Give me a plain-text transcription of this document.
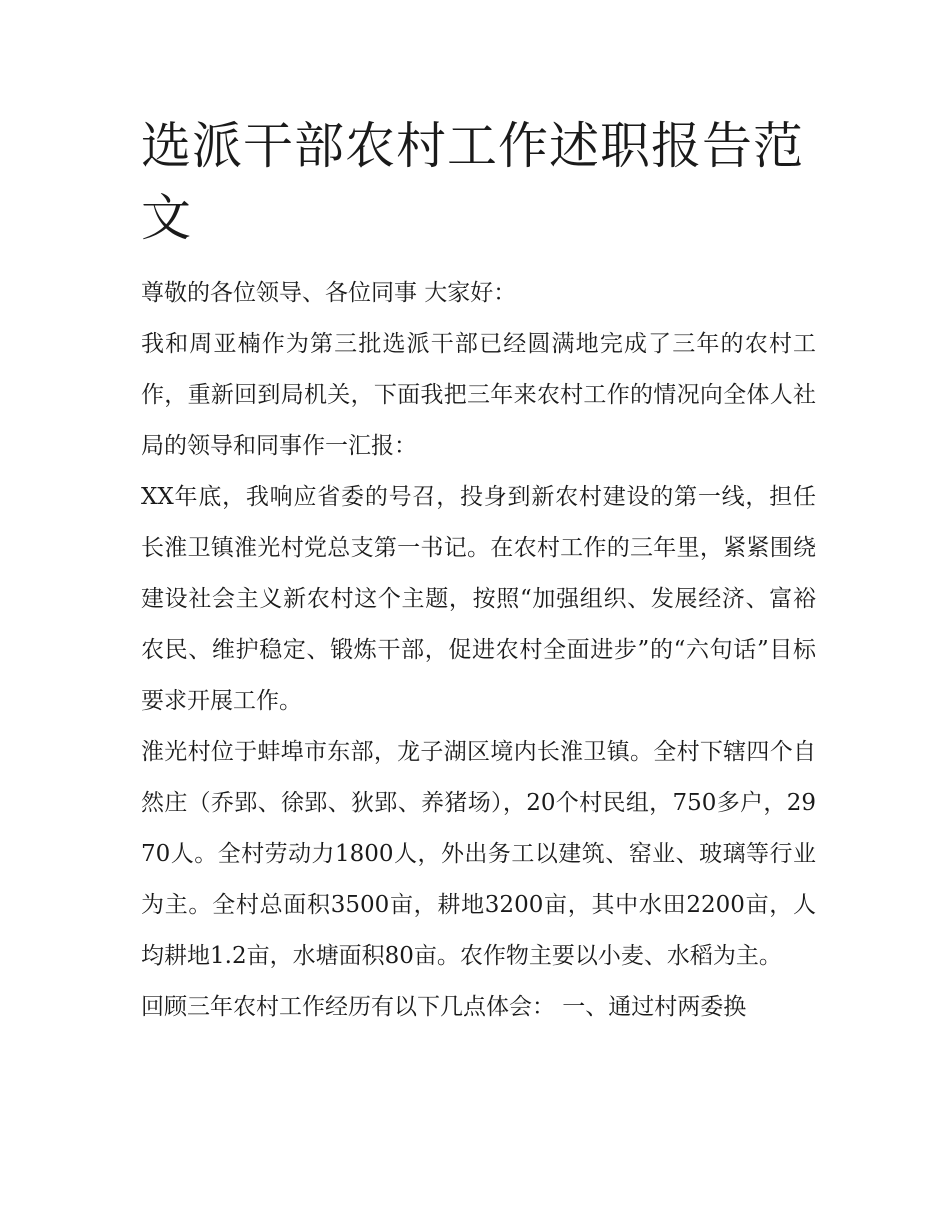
选派干部农村工作述职报告范文

尊敬的各位领导、各位同事 大家好：

我和周亚楠作为第三批选派干部已经圆满地完成了三年的农村工作，重新回到局机关，下面我把三年来农村工作的情况向全体人社局的领导和同事作一汇报：

XX年底，我响应省委的号召，投身到新农村建设的第一线，担任长淮卫镇淮光村党总支第一书记。在农村工作的三年里，紧紧围绕建设社会主义新农村这个主题，按照“加强组织、发展经济、富裕农民、维护稳定、锻炼干部，促进农村全面进步”的“六句话”目标要求开展工作。

淮光村位于蚌埠市东部，龙子湖区境内长淮卫镇。全村下辖四个自然庄（乔郢、徐郢、狄郢、养猪场），20个村民组，750多户，2970人。全村劳动力1800人，外出务工以建筑、窑业、玻璃等行业为主。全村总面积3500亩，耕地3200亩，其中水田2200亩，人均耕地1.2亩，水塘面积80亩。农作物主要以小麦、水稻为主。

回顾三年农村工作经历有以下几点体会： 一、通过村两委换
